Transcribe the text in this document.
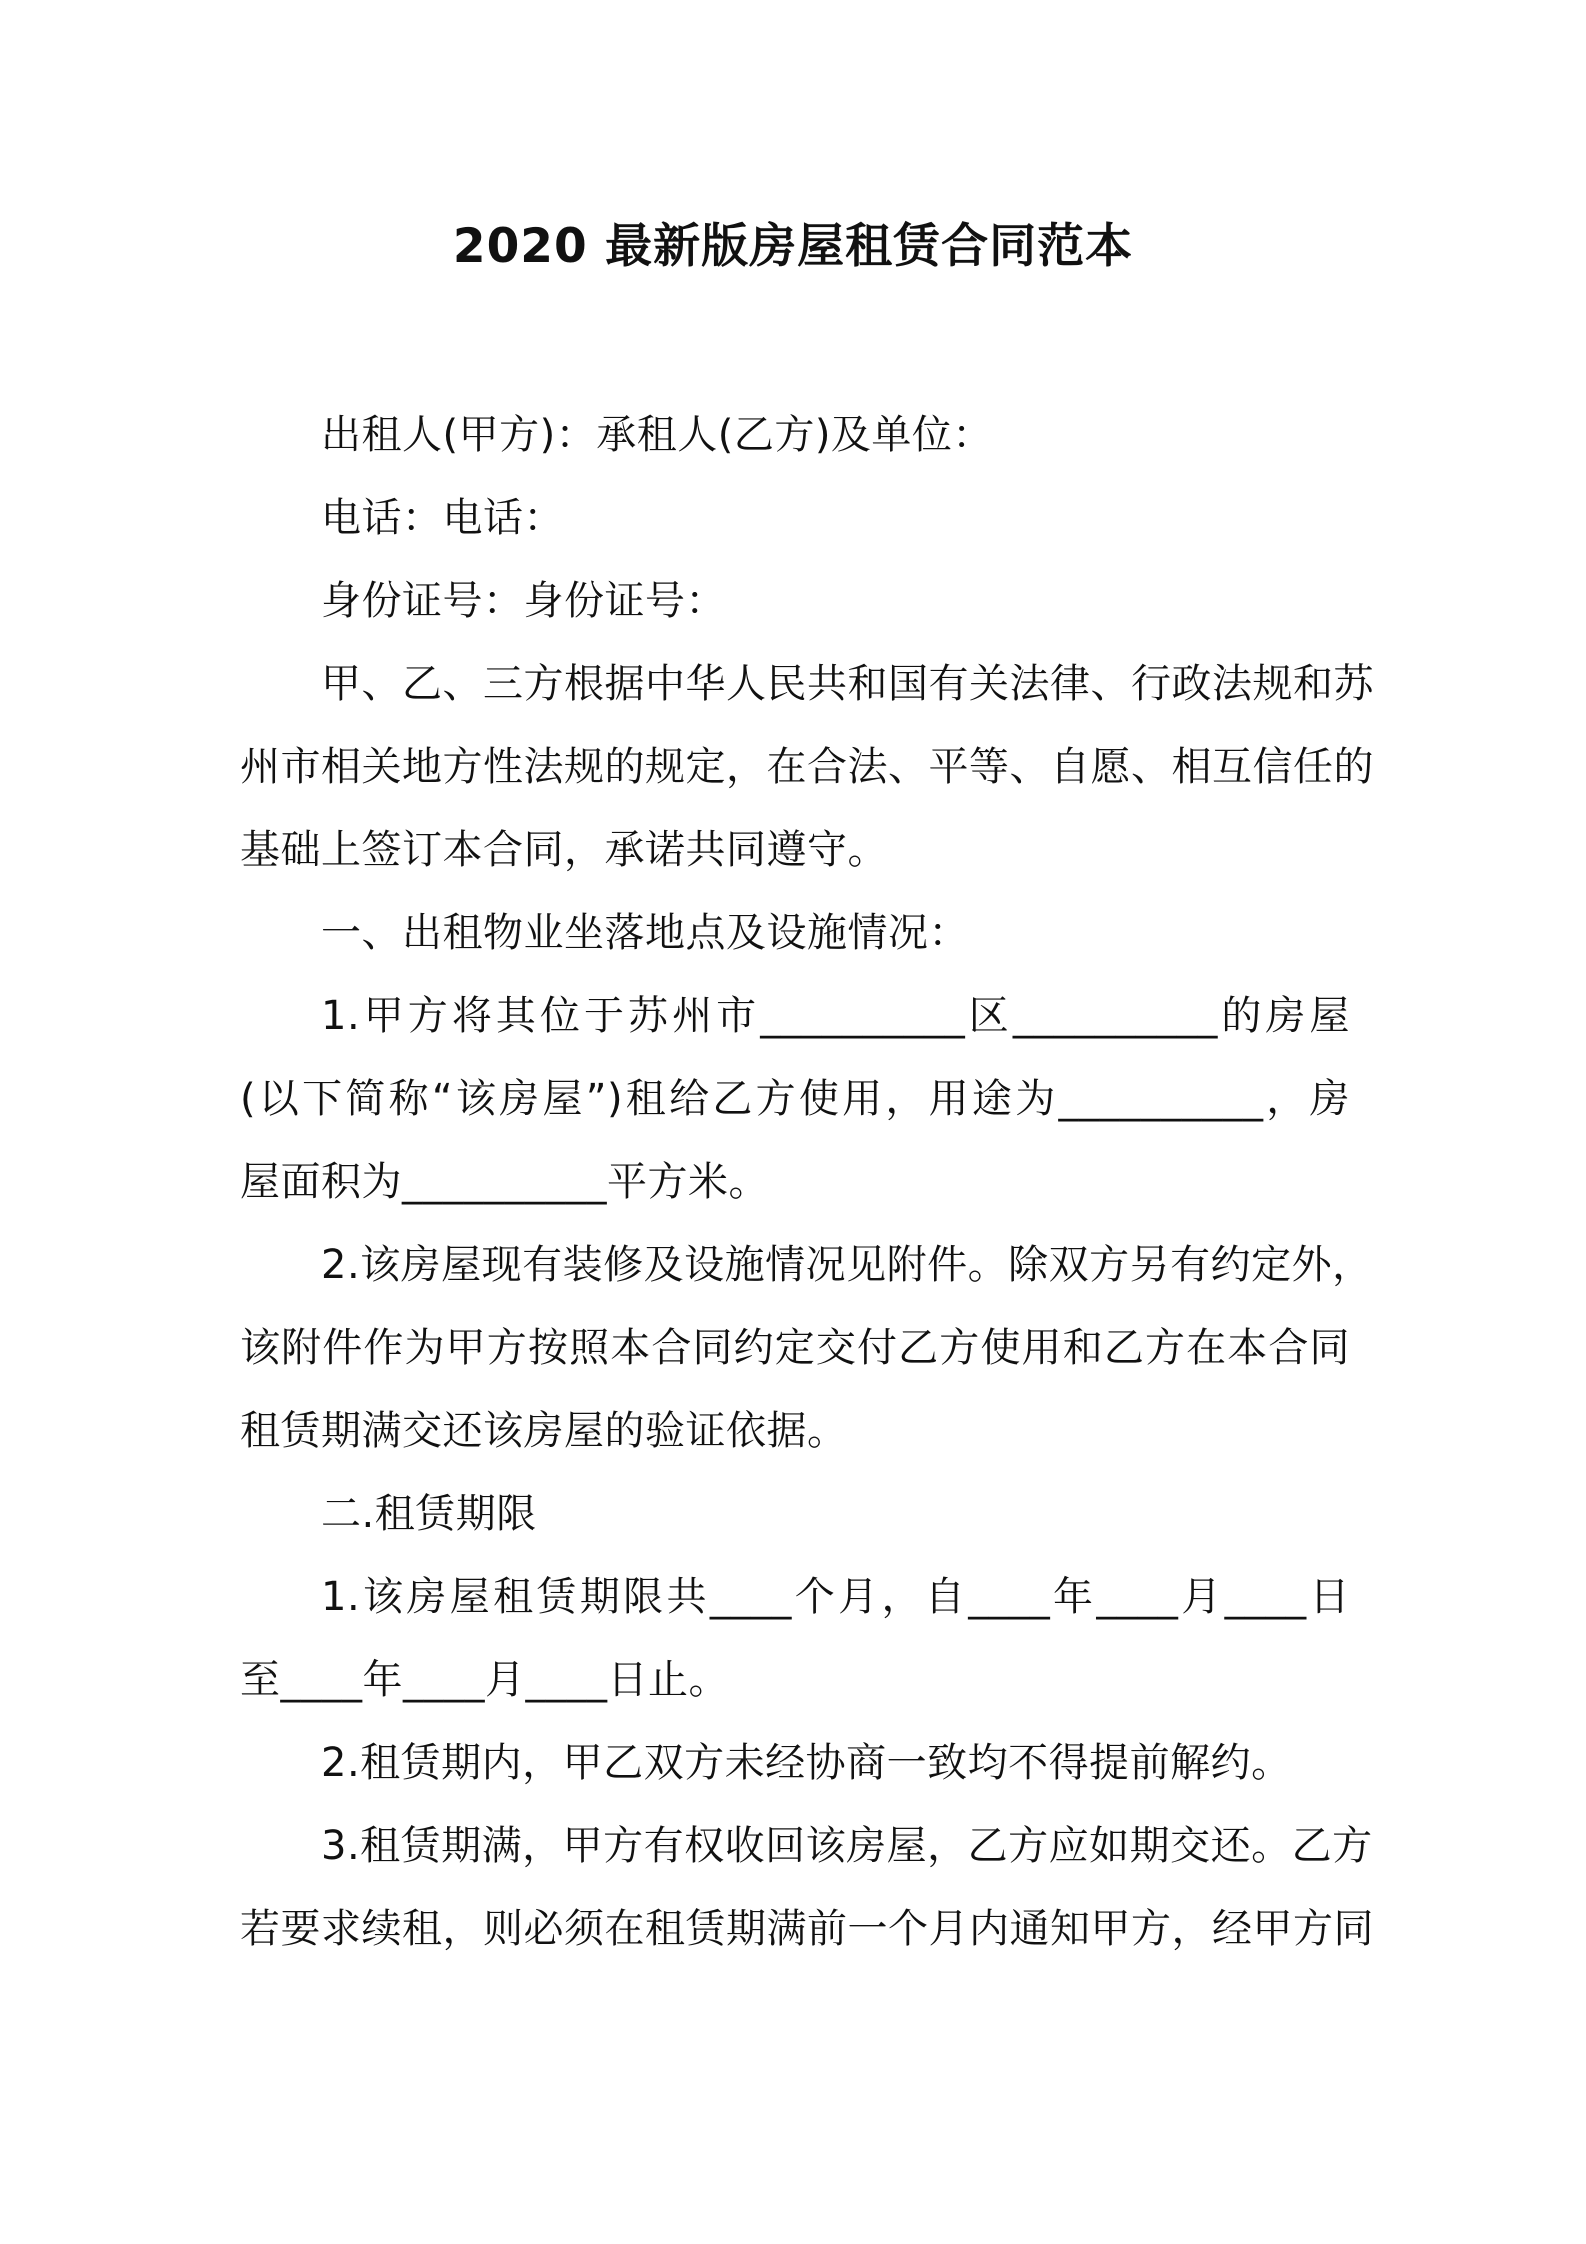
2020 最新版房屋租赁合同范本
出租人(甲方)：承租人(乙方)及单位：
电话：电话：
身份证号：身份证号：
甲、乙、三方根据中华人民共和国有关法律、行政法规和苏
州市相关地方性法规的规定，在合法、平等、自愿、相互信任的
基础上签订本合同，承诺共同遵守。
一、出租物业坐落地点及设施情况：
1.甲方将其位于苏州市__________区__________的房屋
(以下简称“该房屋”)租给乙方使用，用途为__________，房
屋面积为__________平方米。
2.该房屋现有装修及设施情况见附件。除双方另有约定外，
该附件作为甲方按照本合同约定交付乙方使用和乙方在本合同
租赁期满交还该房屋的验证依据。
二.租赁期限
1.该房屋租赁期限共____个月，自____年____月____日
至____年____月____日止。
2.租赁期内，甲乙双方未经协商一致均不得提前解约。
3.租赁期满，甲方有权收回该房屋，乙方应如期交还。乙方
若要求续租，则必须在租赁期满前一个月内通知甲方，经甲方同
